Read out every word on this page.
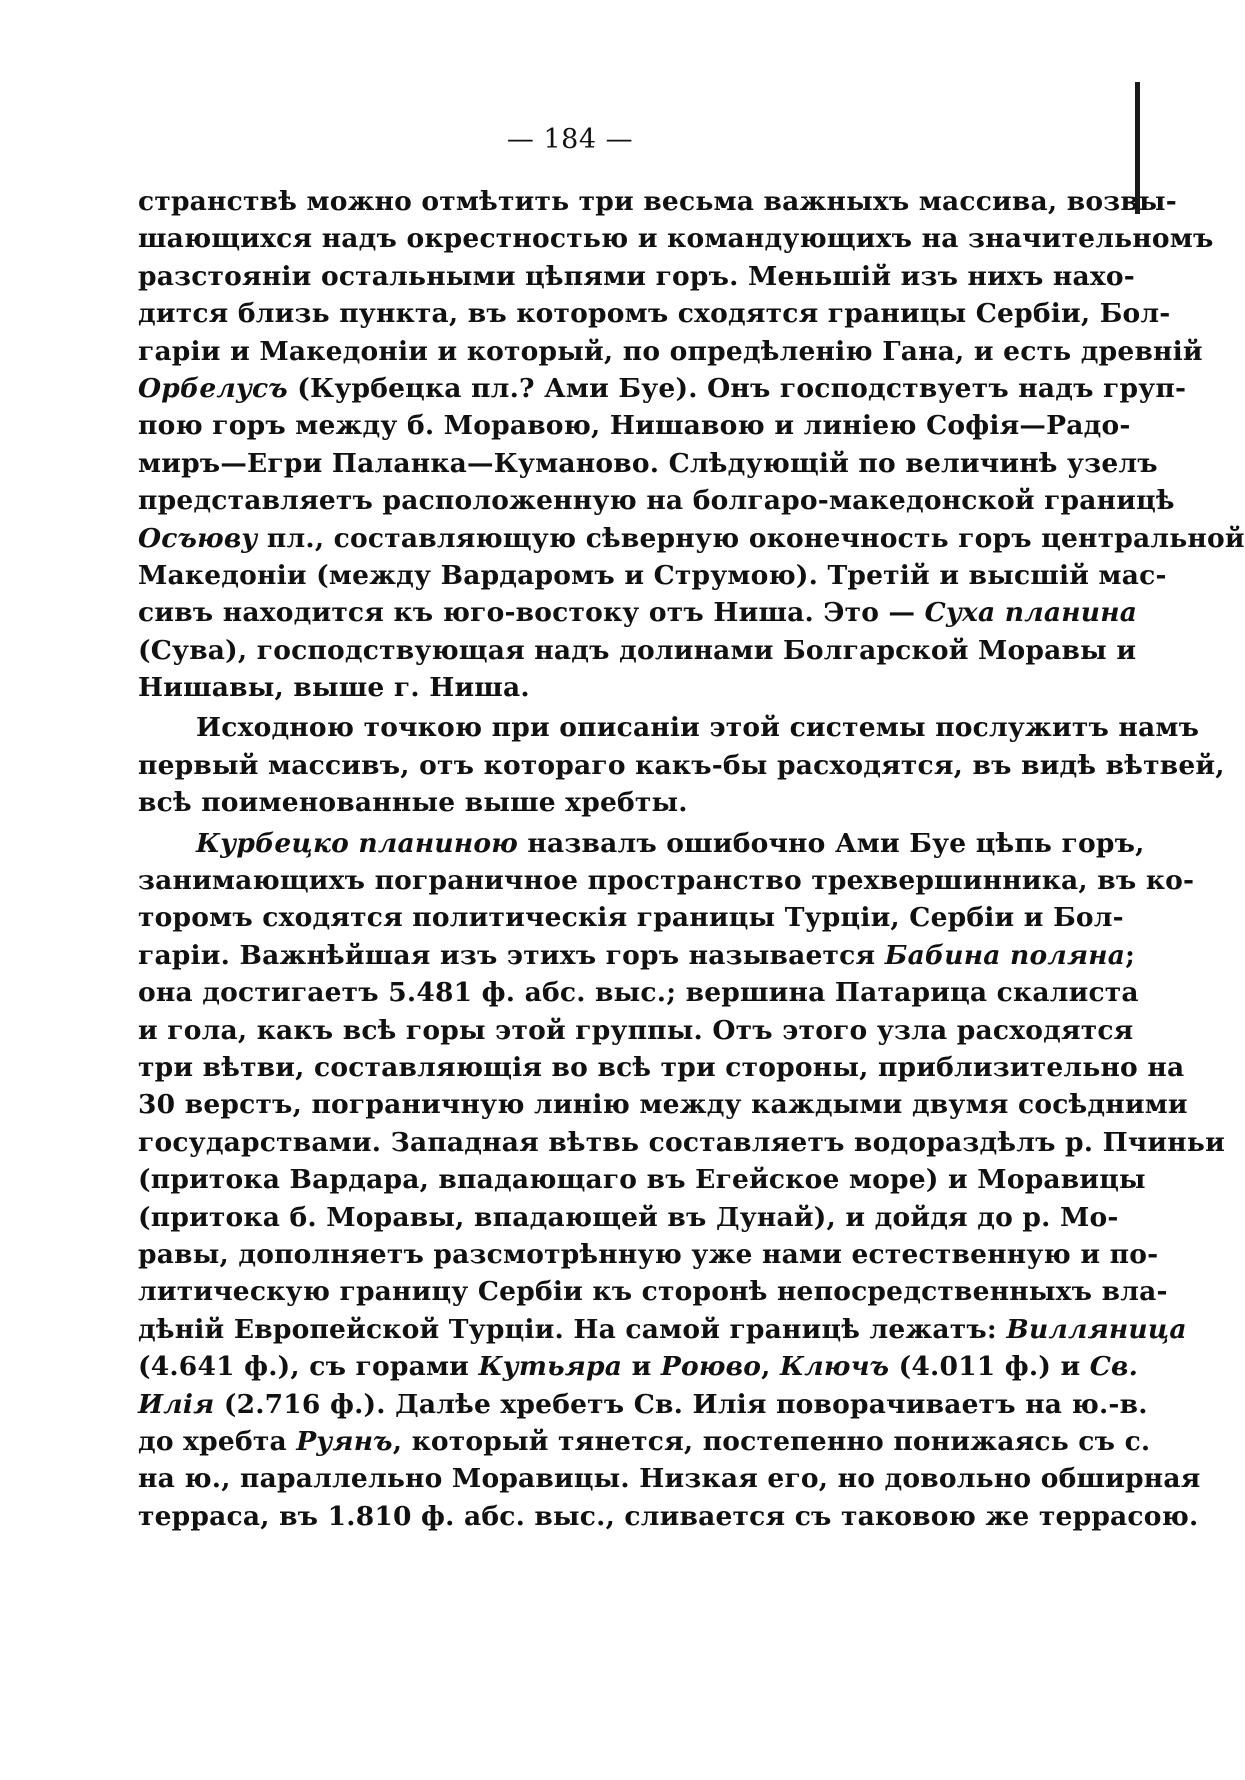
— 184 —
странствѣ можно отмѣтить три весьма важныхъ массива, возвы-
шающихся надъ окрестностью и командующихъ на значительномъ
разстояніи остальными цѣпями горъ. Меньшій изъ нихъ нахо-
дится близь пункта, въ которомъ сходятся границы Сербіи, Бол-
гаріи и Македоніи и который, по опредѣленію Гана, и есть древній
Орбелусъ (Курбецка пл.? Ами Буе). Онъ господствуетъ надъ груп-
пою горъ между б. Моравою, Нишавою и линіею Софія—Радо-
миръ—Егри Паланка—Куманово. Слѣдующій по величинѣ узелъ
представляетъ расположенную на болгаро-македонской границѣ
Осъюву пл., составляющую сѣверную оконечность горъ центральной
Македоніи (между Вардаромъ и Струмою). Третій и высшій мас-
сивъ находится къ юго-востоку отъ Ниша. Это — Суха планина
(Сува), господствующая надъ долинами Болгарской Моравы и
Нишавы, выше г. Ниша.
Исходною точкою при описаніи этой системы послужитъ намъ
первый массивъ, отъ котораго какъ-бы расходятся, въ видѣ вѣтвей,
всѣ поименованные выше хребты.
Курбецко планиною назвалъ ошибочно Ами Буе цѣпь горъ,
занимающихъ пограничное пространство трехвершинника, въ ко-
торомъ сходятся политическія границы Турціи, Сербіи и Бол-
гаріи. Важнѣйшая изъ этихъ горъ называется Бабина поляна;
она достигаетъ 5.481 ф. абс. выс.; вершина Патарица скалиста
и гола, какъ всѣ горы этой группы. Отъ этого узла расходятся
три вѣтви, составляющія во всѣ три стороны, приблизительно на
30 верстъ, пограничную линію между каждыми двумя сосѣдними
государствами. Западная вѣтвь составляетъ водораздѣлъ р. Пчиньи
(притока Вардара, впадающаго въ Егейское море) и Моравицы
(притока б. Моравы, впадающей въ Дунай), и дойдя до р. Мо-
равы, дополняетъ разсмотрѣнную уже нами естественную и по-
литическую границу Сербіи къ сторонѣ непосредственныхъ вла-
дѣній Европейской Турціи. На самой границѣ лежатъ: Вилляница
(4.641 ф.), съ горами Кутьяра и Роюво, Ключъ (4.011 ф.) и Св.
Илія (2.716 ф.). Далѣе хребетъ Св. Илія поворачиваетъ на ю.-в.
до хребта Руянъ, который тянется, постепенно понижаясь съ с.
на ю., параллельно Моравицы. Низкая его, но довольно обширная
терраса, въ 1.810 ф. абс. выс., сливается съ таковою же террасою.
